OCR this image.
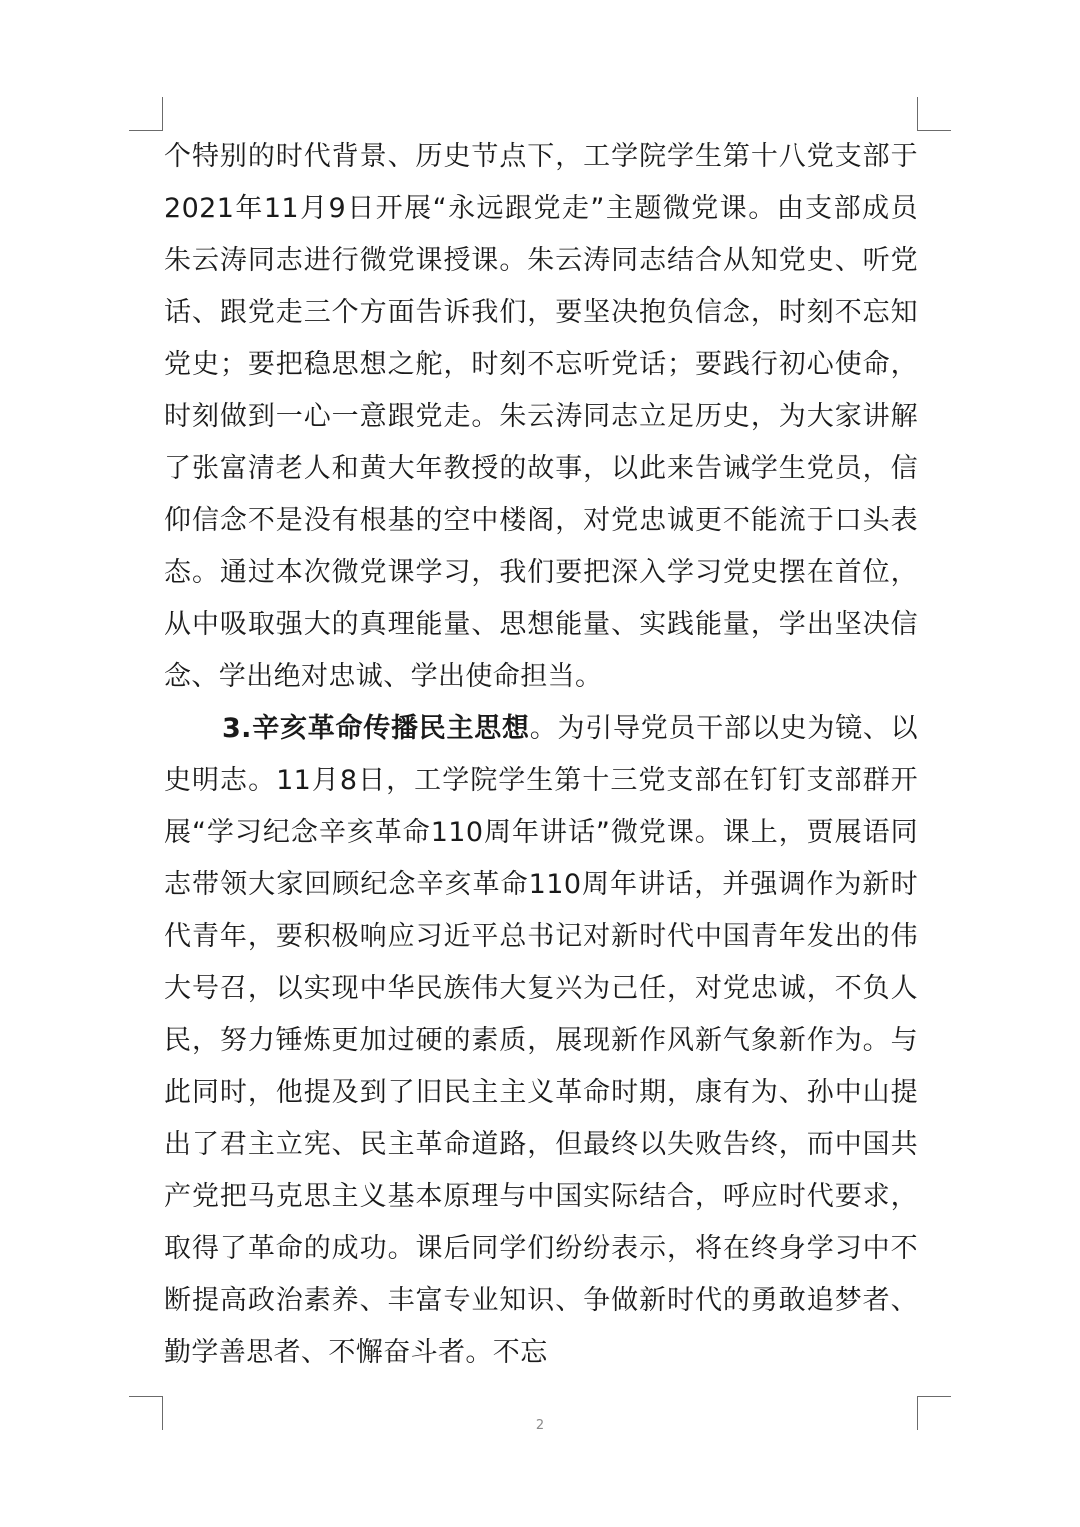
个特别的时代背景、历史节点下，工学院学生第十八党支部于2021年11月9日开展“永远跟党走”主题微党课。由支部成员朱云涛同志进行微党课授课。朱云涛同志结合从知党史、听党话、跟党走三个方面告诉我们，要坚决抱负信念，时刻不忘知党史；要把稳思想之舵，时刻不忘听党话；要践行初心使命，时刻做到一心一意跟党走。朱云涛同志立足历史，为大家讲解了张富清老人和黄大年教授的故事，以此来告诫学生党员，信仰信念不是没有根基的空中楼阁，对党忠诚更不能流于口头表态。通过本次微党课学习，我们要把深入学习党史摆在首位，从中吸取强大的真理能量、思想能量、实践能量，学出坚决信念、学出绝对忠诚、学出使命担当。

3.辛亥革命传播民主思想。为引导党员干部以史为镜、以史明志。11月8日，工学院学生第十三党支部在钉钉支部群开展“学习纪念辛亥革命110周年讲话”微党课。课上，贾展语同志带领大家回顾纪念辛亥革命110周年讲话，并强调作为新时代青年，要积极响应习近平总书记对新时代中国青年发出的伟大号召，以实现中华民族伟大复兴为己任，对党忠诚，不负人民，努力锤炼更加过硬的素质，展现新作风新气象新作为。与此同时，他提及到了旧民主主义革命时期，康有为、孙中山提出了君主立宪、民主革命道路，但最终以失败告终，而中国共产党把马克思主义基本原理与中国实际结合，呼应时代要求，取得了革命的成功。课后同学们纷纷表示，将在终身学习中不断提高政治素养、丰富专业知识、争做新时代的勇敢追梦者、勤学善思者、不懈奋斗者。不忘

2
